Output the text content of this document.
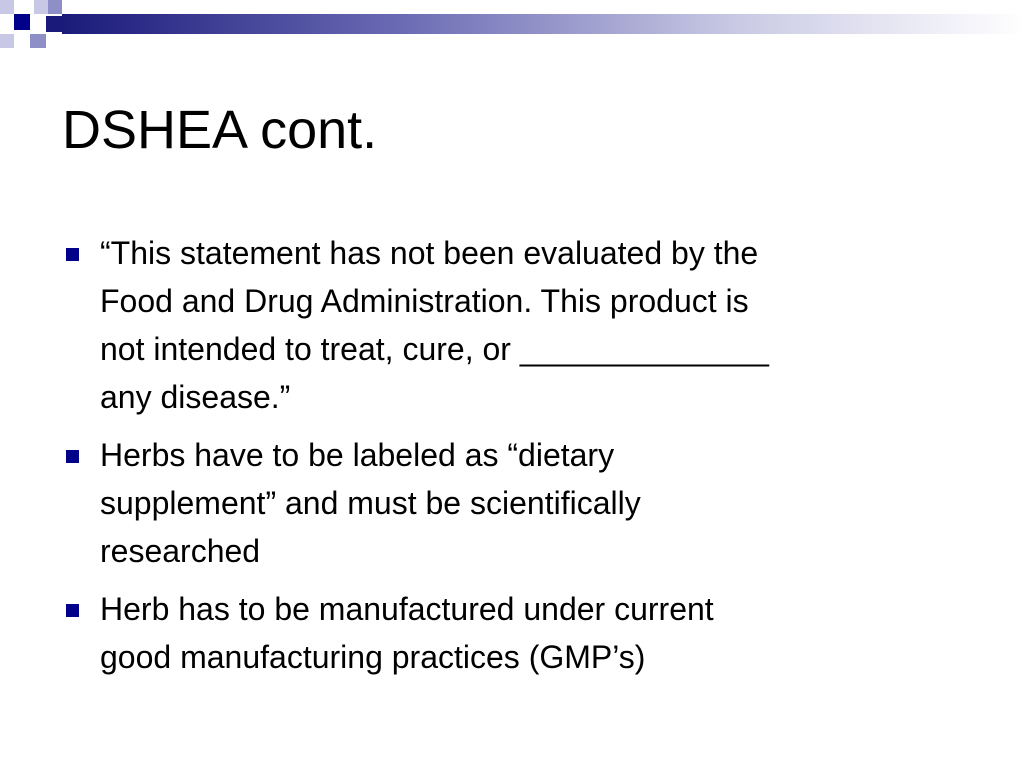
DSHEA cont.
“This statement has not been evaluated by the
Food and Drug Administration. This product is
not intended to treat, cure, or ______________
any disease.”
Herbs have to be labeled as “dietary
supplement” and must be scientifically
researched
Herb has to be manufactured under current
good manufacturing practices (GMP’s)
